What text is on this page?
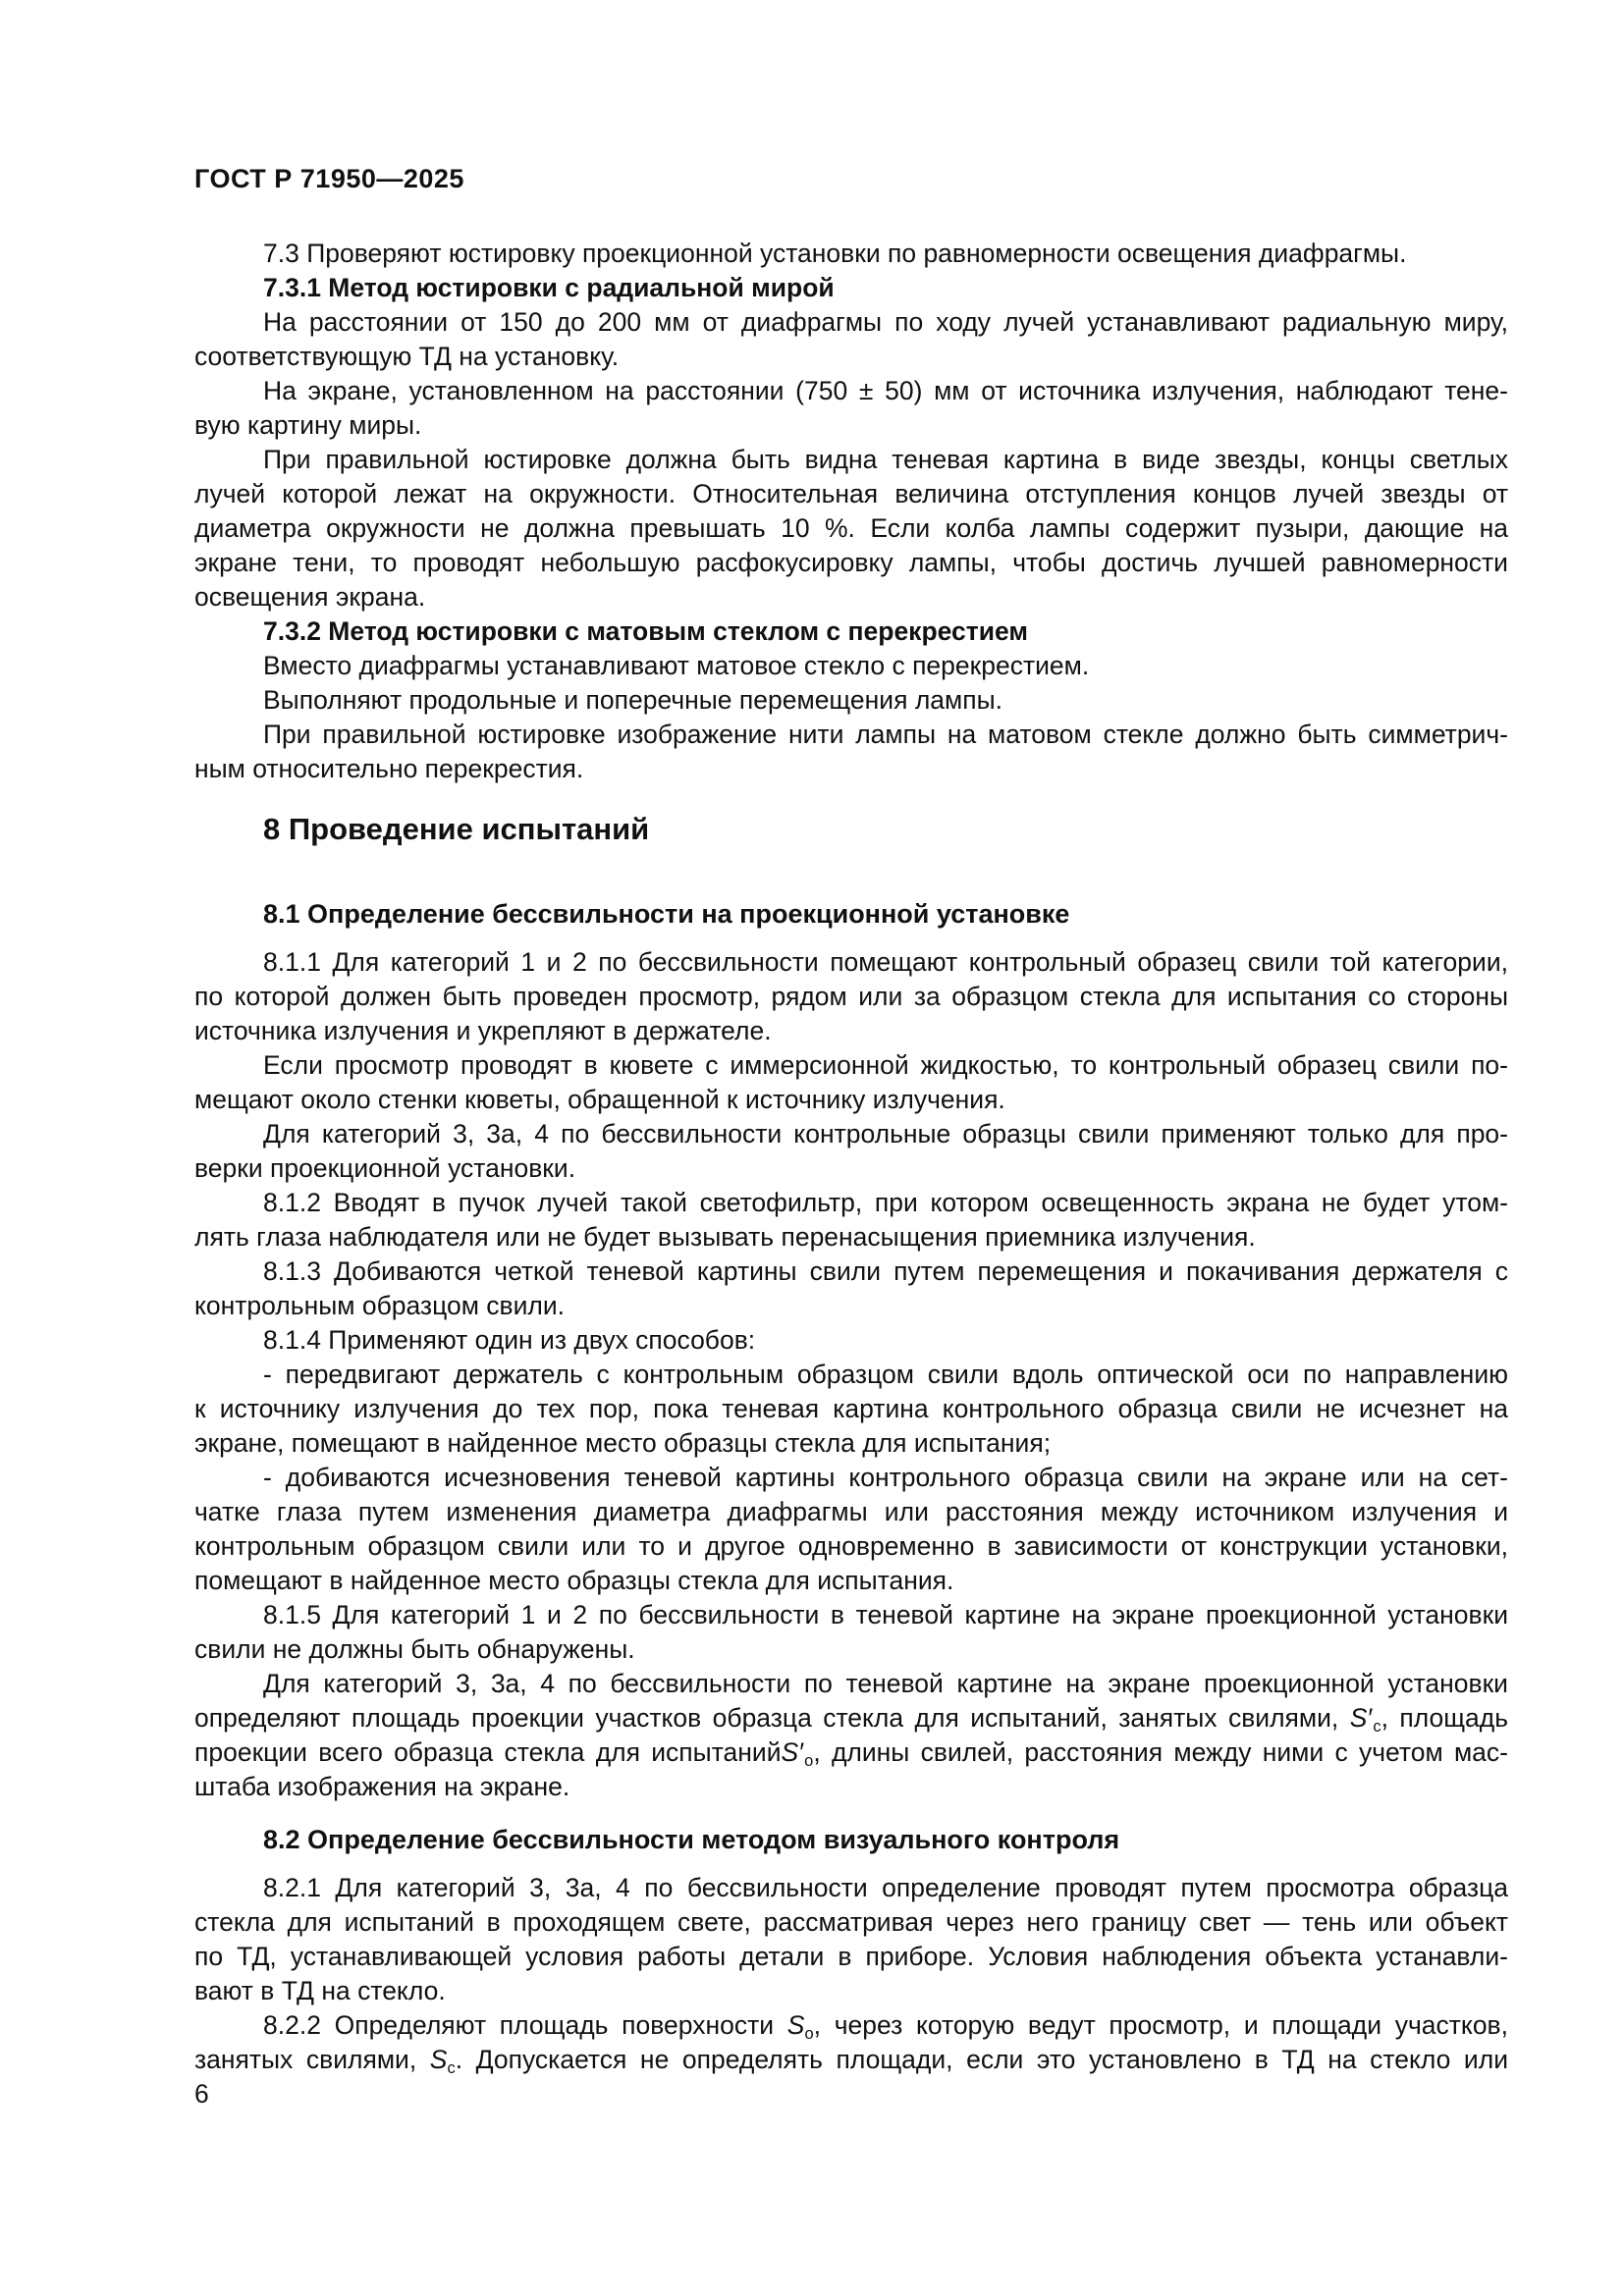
ГОСТ Р 71950—2025
7.3 Проверяют юстировку проекционной установки по равномерности освещения диафрагмы.
7.3.1 Метод юстировки с радиальной мирой
На расстоянии от 150 до 200 мм от диафрагмы по ходу лучей устанавливают радиальную миру,
соответствующую ТД на установку.
На экране, установленном на расстоянии (750 ± 50) мм от источника излучения, наблюдают тене-
вую картину миры.
При правильной юстировке должна быть видна теневая картина в виде звезды, концы светлых
лучей которой лежат на окружности. Относительная величина отступления концов лучей звезды от
диаметра окружности не должна превышать 10 %. Если колба лампы содержит пузыри, дающие на
экране тени, то проводят небольшую расфокусировку лампы, чтобы достичь лучшей равномерности
освещения экрана.
7.3.2 Метод юстировки с матовым стеклом с перекрестием
Вместо диафрагмы устанавливают матовое стекло с перекрестием.
Выполняют продольные и поперечные перемещения лампы.
При правильной юстировке изображение нити лампы на матовом стекле должно быть симметрич-
ным относительно перекрестия.
8 Проведение испытаний
8.1 Определение бессвильности на проекционной установке
8.1.1 Для категорий 1 и 2 по бессвильности помещают контрольный образец свили той категории,
по которой должен быть проведен просмотр, рядом или за образцом стекла для испытания со стороны
источника излучения и укрепляют в держателе.
Если просмотр проводят в кювете с иммерсионной жидкостью, то контрольный образец свили по-
мещают около стенки кюветы, обращенной к источнику излучения.
Для категорий 3, 3а, 4 по бессвильности контрольные образцы свили применяют только для про-
верки проекционной установки.
8.1.2 Вводят в пучок лучей такой светофильтр, при котором освещенность экрана не будет утом-
лять глаза наблюдателя или не будет вызывать перенасыщения приемника излучения.
8.1.3 Добиваются четкой теневой картины свили путем перемещения и покачивания держателя с
контрольным образцом свили.
8.1.4 Применяют один из двух способов:
- передвигают держатель с контрольным образцом свили вдоль оптической оси по направлению
к источнику излучения до тех пор, пока теневая картина контрольного образца свили не исчезнет на
экране, помещают в найденное место образцы стекла для испытания;
- добиваются исчезновения теневой картины контрольного образца свили на экране или на сет-
чатке глаза путем изменения диаметра диафрагмы или расстояния между источником излучения и
контрольным образцом свили или то и другое одновременно в зависимости от конструкции установки,
помещают в найденное место образцы стекла для испытания.
8.1.5 Для категорий 1 и 2 по бессвильности в теневой картине на экране проекционной установки
свили не должны быть обнаружены.
Для категорий 3, 3а, 4 по бессвильности по теневой картине на экране проекционной установки
определяют площадь проекции участков образца стекла для испытаний, занятых свилями, $S'_с$, площадь
проекции всего образца стекла для $испытанийS'_о$, длины свилей, расстояния между ними с учетом мас-
штаба изображения на экране.
8.2 Определение бессвильности методом визуального контроля
8.2.1 Для категорий 3, 3а, 4 по бессвильности определение проводят путем просмотра образца
стекла для испытаний в проходящем свете, рассматривая через него границу свет — тень или объект
по ТД, устанавливающей условия работы детали в приборе. Условия наблюдения объекта устанавли-
вают в ТД на стекло.
8.2.2 Определяют площадь поверхности $S_о$, через которую ведут просмотр, и площади участков,
занятых свилями, $S_с$. Допускается не определять площади, если это установлено в ТД на стекло или
6
